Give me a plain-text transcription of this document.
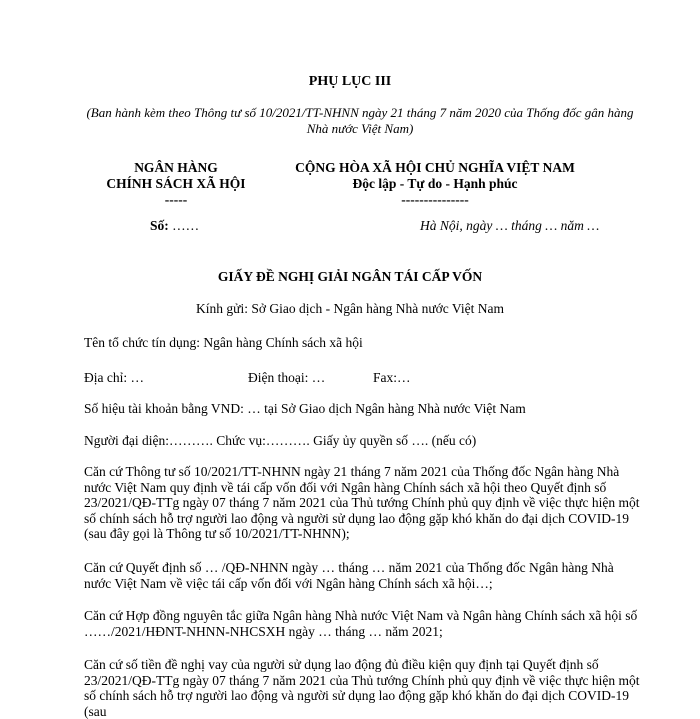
PHỤ LỤC III
(Ban hành kèm theo Thông tư số 10/2021/TT-NHNN ngày 21 tháng 7 năm 2020 của Thống đốc gân hàng Nhà nước Việt Nam)
NGÂN HÀNG
CHÍNH SÁCH XÃ HỘI
-----
CỘNG HÒA XÃ HỘI CHỦ NGHĨA VIỆT NAM
Độc lập - Tự do - Hạnh phúc
---------------
Số: ……	Hà Nội, ngày … tháng … năm …
GIẤY ĐỀ NGHỊ GIẢI NGÂN TÁI CẤP VỐN
Kính gửi: Sở Giao dịch - Ngân hàng Nhà nước Việt Nam
Tên tổ chức tín dụng: Ngân hàng Chính sách xã hội
Địa chỉ: …	Điện thoại: …	Fax:…
Số hiệu tài khoản bằng VND: … tại Sở Giao dịch Ngân hàng Nhà nước Việt Nam
Người đại diện:………. Chức vụ:………. Giấy ủy quyền số …. (nếu có)
Căn cứ Thông tư số 10/2021/TT-NHNN ngày 21 tháng 7 năm 2021 của Thống đốc Ngân hàng Nhà nước Việt Nam quy định về tái cấp vốn đối với Ngân hàng Chính sách xã hội theo Quyết định số 23/2021/QĐ-TTg ngày 07 tháng 7 năm 2021 của Thủ tướng Chính phủ quy định về việc thực hiện một số chính sách hỗ trợ người lao động và người sử dụng lao động gặp khó khăn do đại dịch COVID-19 (sau đây gọi là Thông tư số 10/2021/TT-NHNN);
Căn cứ Quyết định số … /QĐ-NHNN ngày … tháng … năm 2021 của Thống đốc Ngân hàng Nhà nước Việt Nam về việc tái cấp vốn đối với Ngân hàng Chính sách xã hội…;
Căn cứ Hợp đồng nguyên tắc giữa Ngân hàng Nhà nước Việt Nam và Ngân hàng Chính sách xã hội số ……/2021/HĐNT-NHNN-NHCSXH ngày … tháng … năm 2021;
Căn cứ số tiền đề nghị vay của người sử dụng lao động đủ điều kiện quy định tại Quyết định số 23/2021/QĐ-TTg ngày 07 tháng 7 năm 2021 của Thủ tướng Chính phủ quy định về việc thực hiện một số chính sách hỗ trợ người lao động và người sử dụng lao động gặp khó khăn do đại dịch COVID-19 (sau
